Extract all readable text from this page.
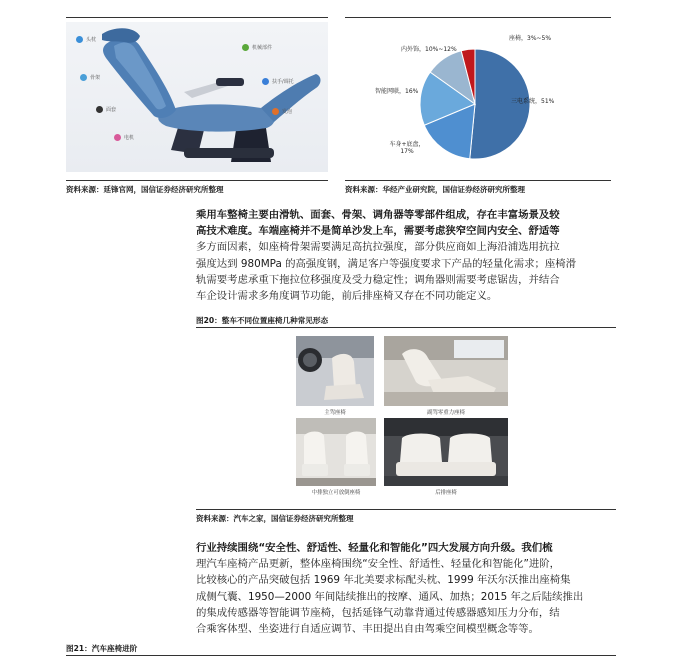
头枕
骨架
面套
电机
机械部件
扶手/调托
发泡
资料来源：延锋官网，国信证券经济研究所整理
三电系统，51%
车身+底盘，17%
智能网联，16%
内外饰，10%~12%
座椅，3%~5%
资料来源：华经产业研究院，国信证券经济研究所整理
乘用车整椅主要由滑轨、面套、骨架、调角器等零部件组成，存在丰富场景及较
高技术难度。车端座椅并不是简单沙发上车，需要考虑狭窄空间内安全、舒适等
多方面因素，如座椅骨架需要满足高抗拉强度，部分供应商如上海沿浦选用抗拉
强度达到 980MPa 的高强度钢，满足客户等强度要求下产品的轻量化需求；座椅滑
轨需要考虑承重下拖拉位移强度及受力稳定性；调角器则需要考虑锯齿，并结合
车企设计需求多角度调节功能，前后排座椅又存在不同功能定义。
图20：整车不同位置座椅几种常见形态
主驾座椅	副驾零重力座椅
中排独立可放倒座椅	后排座椅
资料来源：汽车之家，国信证券经济研究所整理
行业持续围绕“安全性、舒适性、轻量化和智能化”四大发展方向升级。我们梳
理汽车座椅产品更新，整体座椅围绕“安全性、舒适性、轻量化和智能化”进阶，
比较核心的产品突破包括 1969 年北美要求标配头枕、1999 年沃尔沃推出座椅集
成侧气囊、1950—2000 年间陆续推出的按摩、通风、加热；2015 年之后陆续推出
的集成传感器等智能调节座椅，包括延锋气动靠背通过传感器感知压力分布，结
合乘客体型、坐姿进行自适应调节、丰田提出自由驾乘空间模型概念等等。
图21：汽车座椅进阶
